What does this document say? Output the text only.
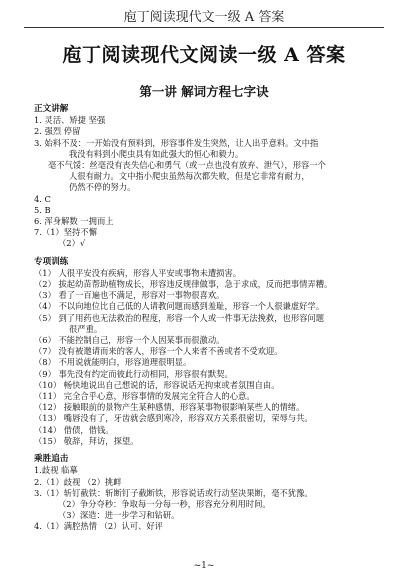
庖丁阅读现代文一级 A 答案
庖丁阅读现代文阅读一级 A 答案
第一讲 解词方程七字诀
正文讲解
1. 灵活、矫捷 坚强
2. 强烈 停留
3. 始料不及：一开始没有预料到，形容事件发生突然，让人出乎意料。文中指
我没有料到小爬虫具有如此强大的恒心和毅力。
毫不气馁：丝毫没有丧失信心和勇气（或一点也没有放弃、泄气），形容一个
人很有耐力。文中指小爬虫虽然每次都失败，但是它非常有耐力，
仍然不停的努力。
4. C
5. B
6. 浑身解数 一拥而上
7.（1）坚持不懈
（2）√
专项训练
（1） 人很平安没有疾病，形容人平安或事物未遭损害。
（2） 拔起幼苗帮助植物成长，形容违反规律做事，急于求成，反而把事情弄糟。
（3） 看了一百遍也不满足，形容对一事物很喜欢。
（4） 不以向地位比自己低的人请教问题而感到羞耻，形容一个人很谦虚好学。
（5） 到了用药也无法救治的程度，形容一个人或一件事无法挽救，也形容问题
很严重。
（6） 不能控制自己，形容一个人因某事而很激动。
（7） 没有被邀请而来的客人，形容一个人来者不善或者不受欢迎。
（8） 不用说就能明白，形容道理很明显。
（9） 事先没有约定而彼此行动相同，形容很有默契。
（10） 畅快地说出自己想说的话，形容说话无拘束或者氛围自由。
（11） 完全合乎心意，形容事情的发展完全符合人的心意。
（12） 接触眼前的景物产生某种感情，形容某事物很影响某些人的情绪。
（13） 嘴唇没有了，牙齿就会感到寒冷，形容双方关系很密切，荣辱与共。
（14） 借债，借钱。
（15） 敬辞，拜访，探望。
乘胜追击
1.歧视 临摹
2.（1）歧视 （2）挑衅
3.（1）斩钉截铁：斩断钉子截断铁，形容说话或行动坚决果断，毫不犹豫。
（2）争分夺秒：争取每一分每一秒，形容充分利用时间。
（3）深造：进一步学习和钻研。
4.（1）满腔热情 （2）认可、好评
~1~
